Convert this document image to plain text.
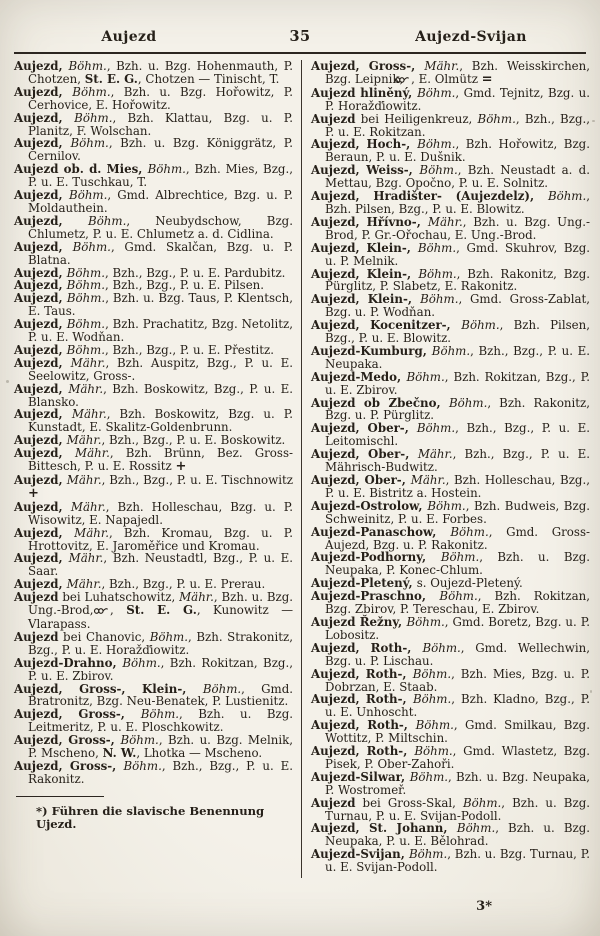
Aujezd	35	Aujezd-Svijan

Aujezd, Böhm., Bzh. u. Bzg. Hohenmauth, P. Chotzen, St. E. G., Chotzen — Tinischt, T.

Aujezd, Böhm., Bzh. u. Bzg. Hořowitz, P. Čerhovice, E. Hořowitz.

Aujezd, Böhm., Bzh. Klattau, Bzg. u. P. Planitz, F. Wolschan.

Aujezd, Böhm., Bzh. u. Bzg. Königgrätz, P. Černilov.

Aujezd ob. d. Mies, Böhm., Bzh. Mies, Bzg., P. u. E. Tuschkau, T.

Aujezd, Böhm., Gmd. Albrechtice, Bzg. u. P. Moldauthein.

Aujezd, Böhm., Neubydschow, Bzg. Chlumetz, P. u. E. Chlumetz a. d. Cidlina.

Aujezd, Böhm., Gmd. Skalčan, Bzg. u. P. Blatna.

Aujezd, Böhm., Bzh., Bzg., P. u. E. Pardubitz.

Aujezd, Böhm., Bzh., Bzg., P. u. E. Pilsen.

Aujezd, Böhm., Bzh. u. Bzg. Taus, P. Klentsch, E. Taus.

Aujezd, Böhm., Bzh. Prachatitz, Bzg. Netolitz, P. u. E. Wodňan.

Aujezd, Böhm., Bzh., Bzg., P. u. E. Přestitz.

Aujezd, Mähr., Bzh. Auspitz, Bzg., P. u. E. Seelowitz, Gross-.

Aujezd, Mähr., Bzh. Boskowitz, Bzg., P. u. E. Blansko.

Aujezd, Mähr., Bzh. Boskowitz, Bzg. u. P. Kunstadt, E. Skalitz-Goldenbrunn.

Aujezd, Mähr., Bzh., Bzg., P. u. E. Boskowitz.

Aujezd, Mähr., Bzh. Brünn, Bez. Gross-Bittesch, P. u. E. Rossitz +

Aujezd, Mähr., Bzh., Bzg., P. u. E. Tischnowitz +

Aujezd, Mähr., Bzh. Holleschau, Bzg. u. P. Wisowitz, E. Napajedl.

Aujezd, Mähr., Bzh. Kromau, Bzg. u. P. Hrottovitz, E. Jaroměřice und Kromau.

Aujezd, Mähr., Bzh. Neustadtl, Bzg., P. u. E. Saar.

Aujezd, Mähr., Bzh., Bzg., P. u. E. Prerau.

Aujezd bei Luhatschowitz, Mähr., Bzh. u. Bzg. Ung.-Brod, , St. E. G., Kunowitz — Vlarapass.

Aujezd bei Chanovic, Böhm., Bzh. Strakonitz, Bzg., P. u. E. Horažďiowitz.

Aujezd-Drahno, Böhm., Bzh. Rokitzan, Bzg., P. u. E. Zbirov.

Aujezd, Gross-, Klein-, Böhm., Gmd. Bratronitz, Bzg. Neu-Benatek, P. Lustienitz.

Aujezd, Gross-, Böhm., Bzh. u. Bzg. Leitmeritz, P. u. E. Ploschkowitz.

Aujezd, Gross-, Böhm., Bzh. u. Bzg. Melnik, P. Mscheno, N. W., Lhotka — Mscheno.

Aujezd, Gross-, Böhm., Bzh., Bzg., P. u. E. Rakonitz.

Aujezd, Gross-, Mähr., Bzh. Weisskirchen, Bzg. Leipnik, , E. Olmütz =

Aujezd hliněný, Böhm., Gmd. Tejnitz, Bzg. u. P. Horažďiowitz.

Aujezd bei Heiligenkreuz, Böhm., Bzh., Bzg., P. u. E. Rokitzan.

Aujezd, Hoch-, Böhm., Bzh. Hořowitz, Bzg. Beraun, P. u. E. Dušnik.

Aujezd, Weiss-, Böhm., Bzh. Neustadt a. d. Mettau, Bzg. Opočno, P. u. E. Solnitz.

Aujezd, Hradišter- (Aujezdelz), Böhm., Bzh. Pilsen, Bzg., P. u. E. Blowitz.

Aujezd, Hřívno-, Mähr., Bzh. u. Bzg. Ung.-Brod, P. Gr.-Ořochau, E. Ung.-Brod.

Aujezd, Klein-, Böhm., Gmd. Skuhrov, Bzg. u. P. Melnik.

Aujezd, Klein-, Böhm., Bzh. Rakonitz, Bzg. Pürglitz, P. Slabetz, E. Rakonitz.

Aujezd, Klein-, Böhm., Gmd. Gross-Zablat, Bzg. u. P. Wodňan.

Aujezd, Kocenitzer-, Böhm., Bzh. Pilsen, Bzg., P. u. E. Blowitz.

Aujezd-Kumburg, Böhm., Bzh., Bzg., P. u. E. Neupaka.

Aujezd-Medo, Böhm., Bzh. Rokitzan, Bzg., P. u. E. Zbirov.

Aujezd ob Zbečno, Böhm., Bzh. Rakonitz, Bzg. u. P. Pürglitz.

Aujezd, Ober-, Böhm., Bzh., Bzg., P. u. E. Leitomischl.

Aujezd, Ober-, Mähr., Bzh., Bzg., P. u. E. Mährisch-Budwitz.

Aujezd, Ober-, Mähr., Bzh. Holleschau, Bzg., P. u. E. Bistritz a. Hostein.

Aujezd-Ostrolow, Böhm., Bzh. Budweis, Bzg. Schweinitz, P. u. E. Forbes.

Aujezd-Panaschow, Böhm., Gmd. Gross-Aujezd, Bzg. u. P. Rakonitz.

Aujezd-Podhorny, Böhm., Bzh. u. Bzg. Neupaka, P. Konec-Chlum.

Aujezd-Pletený, s. Oujezd-Pletený.

Aujezd-Praschno, Böhm., Bzh. Rokitzan, Bzg. Zbirov, P. Tereschau, E. Zbirov.

Aujezd Řežny, Böhm., Gmd. Boretz, Bzg. u. P. Lobositz.

Aujezd, Roth-, Böhm., Gmd. Wellechwin, Bzg. u. P. Lischau.

Aujezd, Roth-, Böhm., Bzh. Mies, Bzg. u. P. Dobrzan, E. Staab.

Aujezd, Roth-, Böhm., Bzh. Kladno, Bzg., P. u. E. Unhoscht.

Aujezd, Roth-, Böhm., Gmd. Smilkau, Bzg. Wottitz, P. Miltschin.

Aujezd, Roth-, Böhm., Gmd. Wlastetz, Bzg. Pisek, P. Ober-Zahoři.

Aujezd-Silwar, Böhm., Bzh. u. Bzg. Neupaka, P. Wostromeř.

Aujezd bei Gross-Skal, Böhm., Bzh. u. Bzg. Turnau, P. u. E. Svijan-Podoll.

Aujezd, St. Johann, Böhm., Bzh. u. Bzg. Neupaka, P. u. E. Bělohrad.

Aujezd-Svijan, Böhm., Bzh. u. Bzg. Turnau, P. u. E. Svijan-Podoll.

*) Führen die slavische Benennung Ujezd.

3*
